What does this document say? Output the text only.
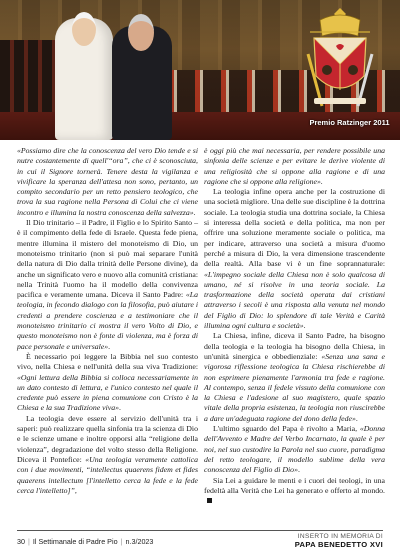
Premio Ratzinger 2011

«Possiamo dire che la conoscenza del vero Dio tende e si nutre costantemente di quell'“ora”, che ci è sconosciuta, in cui il Signore tornerà. Tenere desta la vigilanza e vivificare la speranza dell'attesa non sono, pertanto, un compito secondario per un retto pensiero teologico, che trova la sua ragione nella Persona di Colui che ci viene incontro e illumina la nostra conoscenza della salvezza».

Il Dio trinitario – il Padre, il Figlio e lo Spirito Santo – è il compimento della fede di Israele. Questa fede piena, mentre illumina il mistero del monoteismo di Dio, un monoteismo trinitario (non si può mai separare l'unità della natura di Dio dalla trinità delle Persone divine), da anche un significato vero e nuovo alla comunità cristiana: nella Trinità l'uomo ha il modello della convivenza pacifica e veramente umana. Diceva il Santo Padre: «La teologia, in fecondo dialogo con la filosofia, può aiutare i credenti a prendere coscienza e a testimoniare che il monoteismo trinitario ci mostra il vero Volto di Dio, e questo monoteismo non è fonte di violenza, ma è forza di pace personale e universale».

È necessario poi leggere la Bibbia nel suo contesto vivo, nella Chiesa e nell'unità della sua viva Tradizione: «Ogni lettura della Bibbia si colloca necessariamente in un dato contesto di lettura, e l'unico contesto nel quale il credente può essere in piena comunione con Cristo è la Chiesa e la sua Tradizione viva».

La teologia deve essere al servizio dell'unità tra i saperi: può realizzare quella sinfonia tra la scienza di Dio e le scienze umane e inoltre opporsi alla “religione della violenza”, degradazione del volto stesso della Religione. Diceva il Pontefice: «Una teologia veramente cattolica con i due movimenti, “intellectus quaerens fidem et fides quaerens intellectum [l'intelletto cerca la fede e la fede cerca l'intelletto]”,

è oggi più che mai necessaria, per rendere possibile una sinfonia delle scienze e per evitare le derive violente di una religiosità che si oppone alla ragione e di una ragione che si oppone alla religione».

La teologia infine opera anche per la costruzione di una società migliore. Una delle sue discipline è la dottrina sociale. La teologia studia una dottrina sociale, la Chiesa si interessa della società e della politica, ma non per offrire una soluzione meramente sociale o politica, ma per indicare, attraverso una società a misura d'uomo perché a misura di Dio, la vera dimensione trascendente della realtà. Alla base vi è un fine soprannaturale: «L'impegno sociale della Chiesa non è solo qualcosa di umano, né si risolve in una teoria sociale. La trasformazione della società operata dai cristiani attraverso i secoli è una risposta alla venuta nel mondo del Figlio di Dio: lo splendore di tale Verità e Carità illumina ogni cultura e società».

La Chiesa, infine, diceva il Santo Padre, ha bisogno della teologia e la teologia ha bisogno della Chiesa, in un'unità sinergica e obbedienziale: «Senza una sana e vigorosa riflessione teologica la Chiesa rischierebbe di non esprimere pienamente l'armonia tra fede e ragione. Al contempo, senza il fedele vissuto della comunione con la Chiesa e l'adesione al suo magistero, quale spazio vitale della propria esistenza, la teologia non riuscirebbe a dare un'adeguata ragione del dono della fede».

L'ultimo sguardo del Papa è rivolto a Maria, «Donna dell'Avvento e Madre del Verbo Incarnato, la quale è per noi, nel suo custodire la Parola nel suo cuore, paradigma del retto teologare, il modello sublime della vera conoscenza del Figlio di Dio».

Sia Lei a guidare le menti e i cuori dei teologi, in una fedeltà alla Verità che Lei ha generato e offerto al mondo.

30 | Il Settimanale di Padre Pio | n.3/2023
INSERTO IN MEMORIA DI
PAPA BENEDETTO XVI
